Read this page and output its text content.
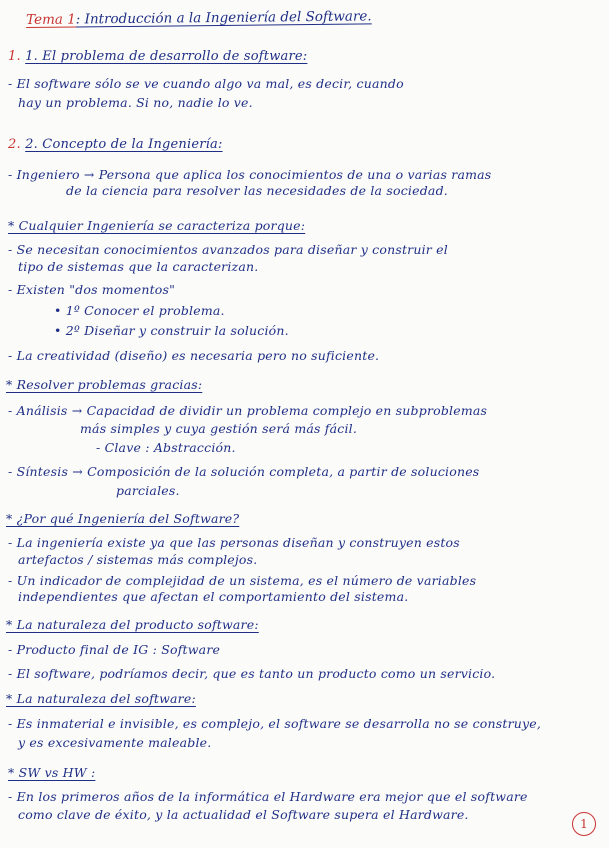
Tema 1: Introducción a la Ingeniería del Software.
1. 1. El problema de desarrollo de software:
- El software sólo se ve cuando algo va mal, es decir, cuando
hay un problema. Si no, nadie lo ve.
2. 2. Concepto de la Ingeniería:
- Ingeniero → Persona que aplica los conocimientos de una o varias ramas
de la ciencia para resolver las necesidades de la sociedad.
* Cualquier Ingeniería se caracteriza porque:
- Se necesitan conocimientos avanzados para diseñar y construir el
tipo de sistemas que la caracterizan.
- Existen "dos momentos"
• 1º Conocer el problema.
• 2º Diseñar y construir la solución.
- La creatividad (diseño) es necesaria pero no suficiente.
* Resolver problemas gracias:
- Análisis → Capacidad de dividir un problema complejo en subproblemas
más simples y cuya gestión será más fácil.
- Clave : Abstracción.
- Síntesis → Composición de la solución completa, a partir de soluciones
parciales.
* ¿Por qué Ingeniería del Software?
- La ingeniería existe ya que las personas diseñan y construyen estos
artefactos / sistemas más complejos.
- Un indicador de complejidad de un sistema, es el número de variables
independientes que afectan el comportamiento del sistema.
* La naturaleza del producto software:
- Producto final de IG : Software
- El software, podríamos decir, que es tanto un producto como un servicio.
* La naturaleza del software:
- Es inmaterial e invisible, es complejo, el software se desarrolla no se construye,
y es excesivamente maleable.
* SW vs HW :
- En los primeros años de la informática el Hardware era mejor que el software
como clave de éxito, y la actualidad el Software supera el Hardware.
1
